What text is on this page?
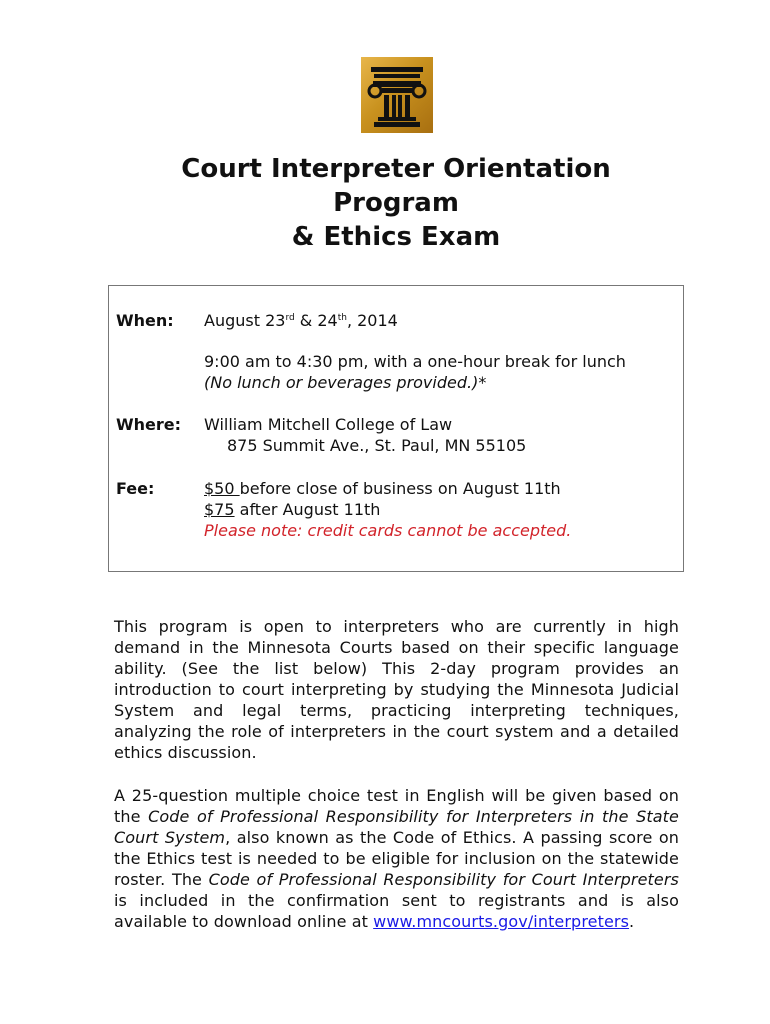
Court Interpreter Orientation
Program
& Ethics Exam
When: August 23rd & 24th, 2014
9:00 am to 4:30 pm, with a one-hour break for lunch
(No lunch or beverages provided.)*
Where: William Mitchell College of Law
875 Summit Ave., St. Paul, MN 55105
Fee:	$50 before close of business on August 11th
$75 after August 11th
Please note: credit cards cannot be accepted.
This program is open to interpreters who are currently in high demand in the Minnesota Courts based on their specific language ability. (See the list below) This 2-day program provides an introduction to court interpreting by studying the Minnesota Judicial System and legal terms, practicing interpreting techniques, analyzing the role of interpreters in the court system and a detailed ethics discussion.
A 25-question multiple choice test in English will be given based on the Code of Professional Responsibility for Interpreters in the State Court System, also known as the Code of Ethics. A passing score on the Ethics test is needed to be eligible for inclusion on the statewide roster. The Code of Professional Responsibility for Court Interpreters is included in the confirmation sent to registrants and is also available to download online at www.mncourts.gov/interpreters.
